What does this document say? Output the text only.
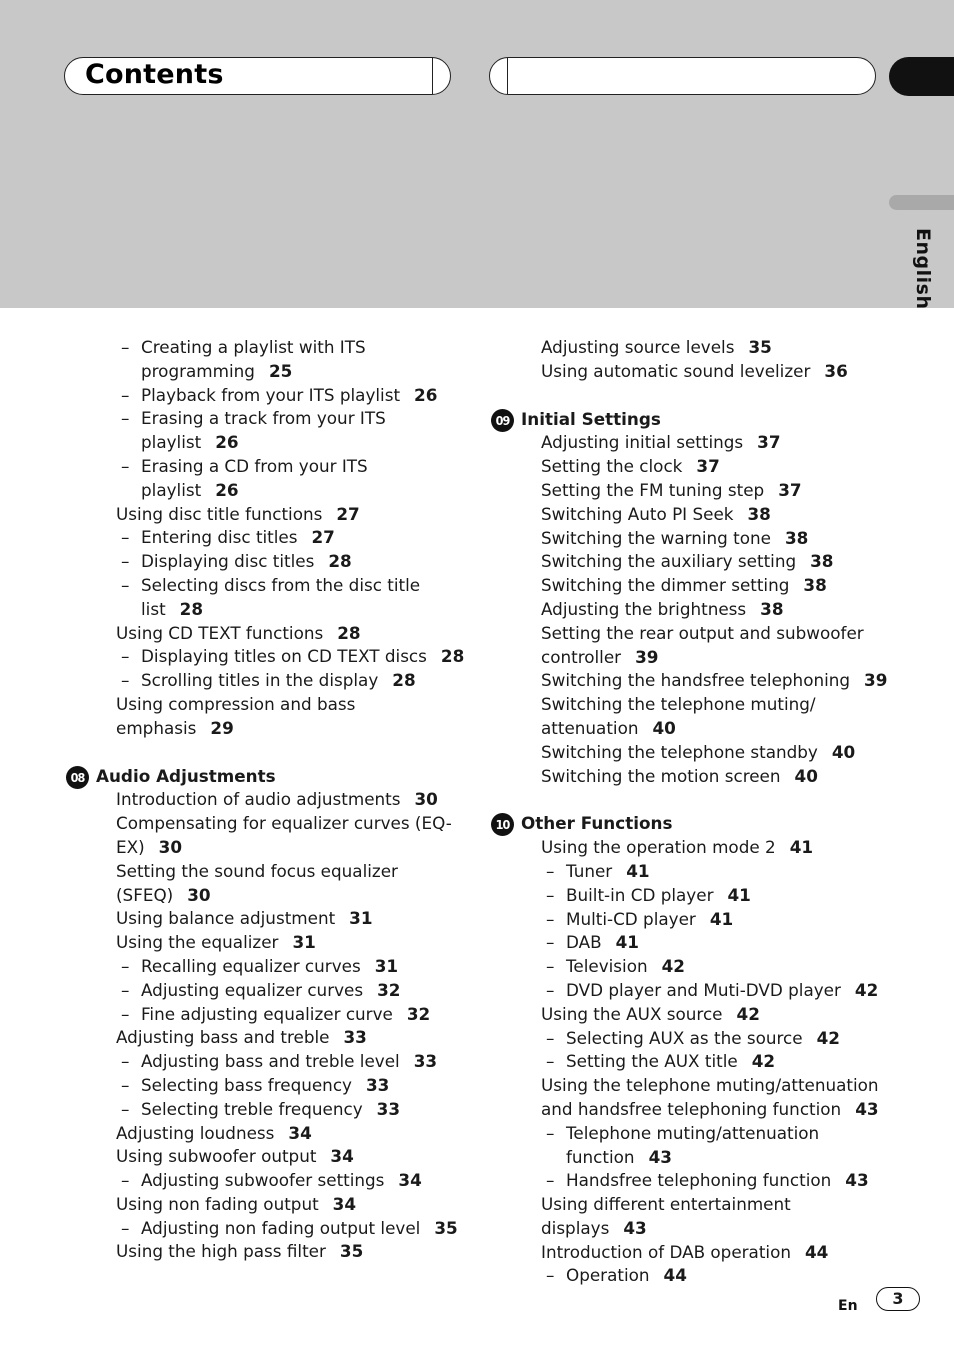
Contents
English
– Creating a playlist with ITS programming 25
– Playback from your ITS playlist 26
– Erasing a track from your ITS playlist 26
– Erasing a CD from your ITS playlist 26
Using disc title functions 27
– Entering disc titles 27
– Displaying disc titles 28
– Selecting discs from the disc title list 28
Using CD TEXT functions 28
– Displaying titles on CD TEXT discs 28
– Scrolling titles in the display 28
Using compression and bass emphasis 29
08 Audio Adjustments
Introduction of audio adjustments 30
Compensating for equalizer curves (EQ-EX) 30
Setting the sound focus equalizer (SFEQ) 30
Using balance adjustment 31
Using the equalizer 31
– Recalling equalizer curves 31
– Adjusting equalizer curves 32
– Fine adjusting equalizer curve 32
Adjusting bass and treble 33
– Adjusting bass and treble level 33
– Selecting bass frequency 33
– Selecting treble frequency 33
Adjusting loudness 34
Using subwoofer output 34
– Adjusting subwoofer settings 34
Using non fading output 34
– Adjusting non fading output level 35
Using the high pass filter 35
Adjusting source levels 35
Using automatic sound levelizer 36
09 Initial Settings
Adjusting initial settings 37
Setting the clock 37
Setting the FM tuning step 37
Switching Auto PI Seek 38
Switching the warning tone 38
Switching the auxiliary setting 38
Switching the dimmer setting 38
Adjusting the brightness 38
Setting the rear output and subwoofer controller 39
Switching the handsfree telephoning 39
Switching the telephone muting/ attenuation 40
Switching the telephone standby 40
Switching the motion screen 40
10 Other Functions
Using the operation mode 2 41
– Tuner 41
– Built-in CD player 41
– Multi-CD player 41
– DAB 41
– Television 42
– DVD player and Muti-DVD player 42
Using the AUX source 42
– Selecting AUX as the source 42
– Setting the AUX title 42
Using the telephone muting/attenuation and handsfree telephoning function 43
– Telephone muting/attenuation function 43
– Handsfree telephoning function 43
Using different entertainment displays 43
Introduction of DAB operation 44
– Operation 44
En	3
